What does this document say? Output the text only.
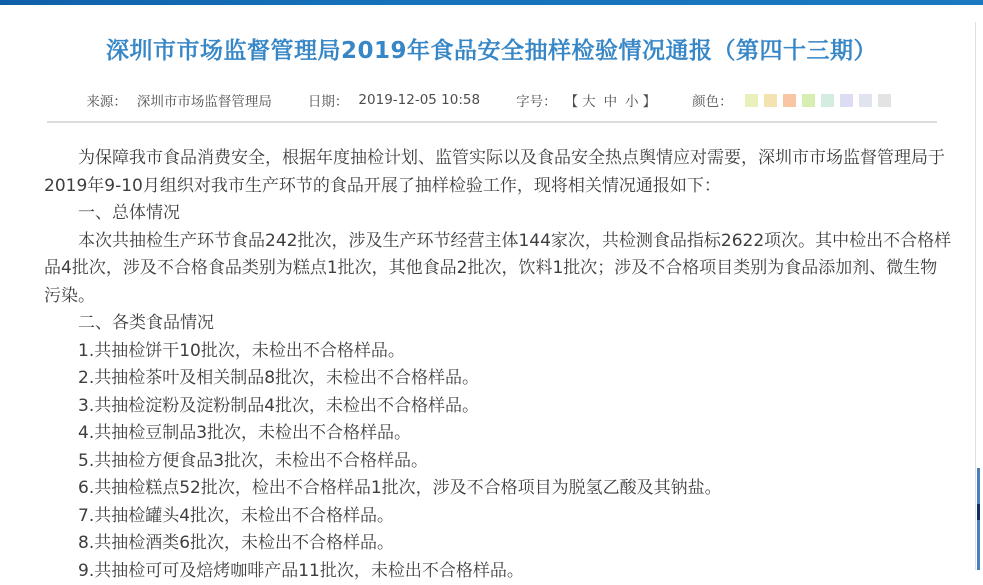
深圳市市场监督管理局2019年食品安全抽样检验情况通报（第四十三期）
来源： 深圳市市场监督管理局	日期： 2019-12-05 10:58	字号： 【 大 中 小 】	颜色：

为保障我市食品消费安全，根据年度抽检计划、监管实际以及食品安全热点舆情应对需要，深圳市市场监督管理局于2019年9-10月组织对我市生产环节的食品开展了抽样检验工作，现将相关情况通报如下：

一、总体情况

本次共抽检生产环节食品242批次，涉及生产环节经营主体144家次，共检测食品指标2622项次。其中检出不合格样品4批次，涉及不合格食品类别为糕点1批次，其他食品2批次，饮料1批次；涉及不合格项目类别为食品添加剂、微生物污染。

二、各类食品情况

1.共抽检饼干10批次，未检出不合格样品。

2.共抽检茶叶及相关制品8批次，未检出不合格样品。

3.共抽检淀粉及淀粉制品4批次，未检出不合格样品。

4.共抽检豆制品3批次，未检出不合格样品。

5.共抽检方便食品3批次，未检出不合格样品。

6.共抽检糕点52批次，检出不合格样品1批次，涉及不合格项目为脱氢乙酸及其钠盐。

7.共抽检罐头4批次，未检出不合格样品。

8.共抽检酒类6批次，未检出不合格样品。

9.共抽检可可及焙烤咖啡产品11批次，未检出不合格样品。
